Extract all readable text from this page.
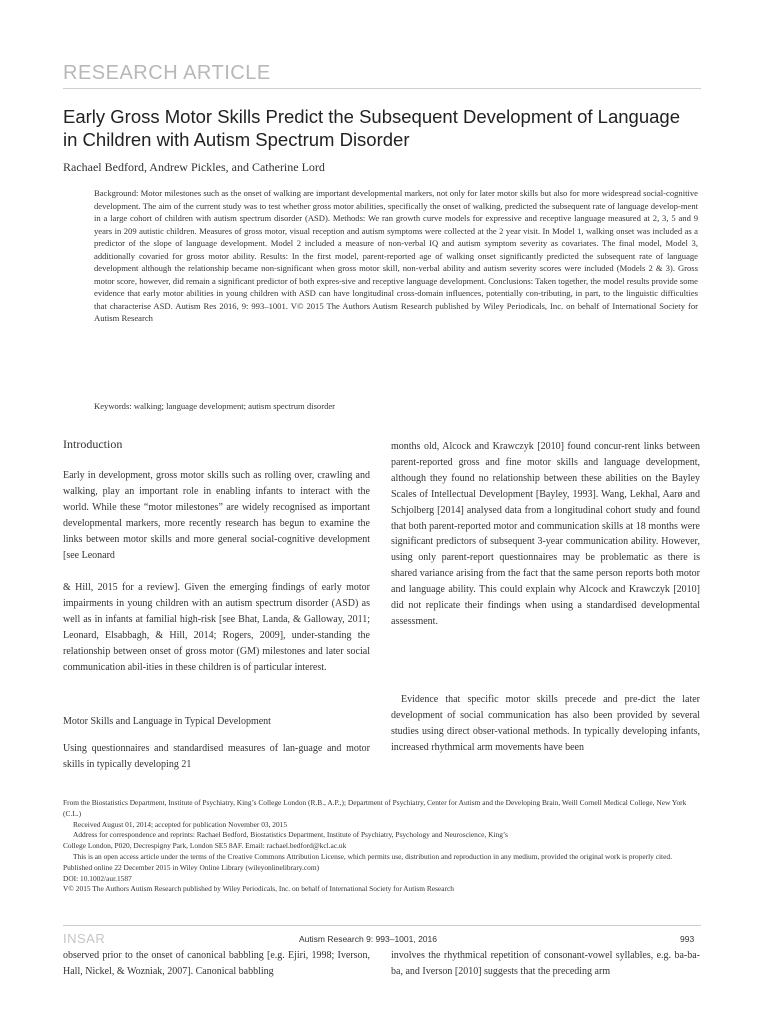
RESEARCH ARTICLE
Early Gross Motor Skills Predict the Subsequent Development of Language in Children with Autism Spectrum Disorder
Rachael Bedford, Andrew Pickles, and Catherine Lord
Background: Motor milestones such as the onset of walking are important developmental markers, not only for later motor skills but also for more widespread social-cognitive development. The aim of the current study was to test whether gross motor abilities, specifically the onset of walking, predicted the subsequent rate of language develop-ment in a large cohort of children with autism spectrum disorder (ASD). Methods: We ran growth curve models for expressive and receptive language measured at 2, 3, 5 and 9 years in 209 autistic children. Measures of gross motor, visual reception and autism symptoms were collected at the 2 year visit. In Model 1, walking onset was included as a predictor of the slope of language development. Model 2 included a measure of non-verbal IQ and autism symptom severity as covariates. The final model, Model 3, additionally covaried for gross motor ability. Results: In the first model, parent-reported age of walking onset significantly predicted the subsequent rate of language development although the relationship became non-significant when gross motor skill, non-verbal ability and autism severity scores were included (Models 2 & 3). Gross motor score, however, did remain a significant predictor of both expres-sive and receptive language development. Conclusions: Taken together, the model results provide some evidence that early motor abilities in young children with ASD can have longitudinal cross-domain influences, potentially con-tributing, in part, to the linguistic difficulties that characterise ASD. Autism Res 2016, 9: 993–1001. V© 2015 The Authors Autism Research published by Wiley Periodicals, Inc. on behalf of International Society for Autism Research
Keywords: walking; language development; autism spectrum disorder

Introduction

Early in development, gross motor skills such as rolling over, crawling and walking, play an important role in enabling infants to interact with the world. While these “motor milestones” are widely recognised as important developmental markers, more recently research has begun to examine the links between motor skills and more general social-cognitive development [see Leonard

& Hill, 2015 for a review]. Given the emerging findings of early motor impairments in young children with an autism spectrum disorder (ASD) as well as in infants at familial high-risk [see Bhat, Landa, & Galloway, 2011; Leonard, Elsabbagh, & Hill, 2014; Rogers, 2009], under-standing the relationship between onset of gross motor (GM) milestones and later social communication abil-ities in these children is of particular interest.

Motor Skills and Language in Typical Development

Using questionnaires and standardised measures of lan-guage and motor skills in typically developing 21

months old, Alcock and Krawczyk [2010] found concur-rent links between parent-reported gross and fine motor skills and language development, although they found no relationship between these abilities on the Bayley Scales of Intellectual Development [Bayley, 1993]. Wang, Lekhal, Aarø and Schjolberg [2014] analysed data from a longitudinal cohort study and found that both parent-reported motor and communication skills at 18 months were significant predictors of subsequent 3-year communication ability. However, using only parent-report questionnaires may be problematic as there is shared variance arising from the fact that the same person reports both motor and language ability. This could explain why Alcock and Krawczyk [2010] did not replicate their findings when using a standardised developmental assessment.

Evidence that specific motor skills precede and pre-dict the later development of social communication has also been provided by several studies using direct obser-vational methods. In typically developing infants, increased rhythmical arm movements have been

From the Biostatistics Department, Institute of Psychiatry, King’s College London (R.B., A.P.,); Department of Psychiatry, Center for Autism and the Developing Brain, Weill Cornell Medical College, New York (C.L.)

Received August 01, 2014; accepted for publication November 03, 2015

Address for correspondence and reprints: Rachael Bedford, Biostatistics Department, Institute of Psychiatry, Psychology and Neuroscience, King’s

College London, P020, Decrespigny Park, London SE5 8AF. Email: rachael.bedford@kcl.ac.uk

This is an open access article under the terms of the Creative Commons Attribution License, which permits use, distribution and reproduction in any medium, provided the original work is properly cited.

Published online 22 December 2015 in Wiley Online Library (wileyonlinelibrary.com)

DOI: 10.1002/aur.1587

V© 2015 The Authors Autism Research published by Wiley Periodicals, Inc. on behalf of International Society for Autism Research

INSAR	Autism Research 9: 993–1001, 2016	993
observed prior to the onset of canonical babbling [e.g. Ejiri, 1998; Iverson, Hall, Nickel, & Wozniak, 2007]. Canonical babbling
involves the rhythmical repetition of consonant-vowel syllables, e.g. ba-ba-ba, and Iverson [2010] suggests that the preceding arm
